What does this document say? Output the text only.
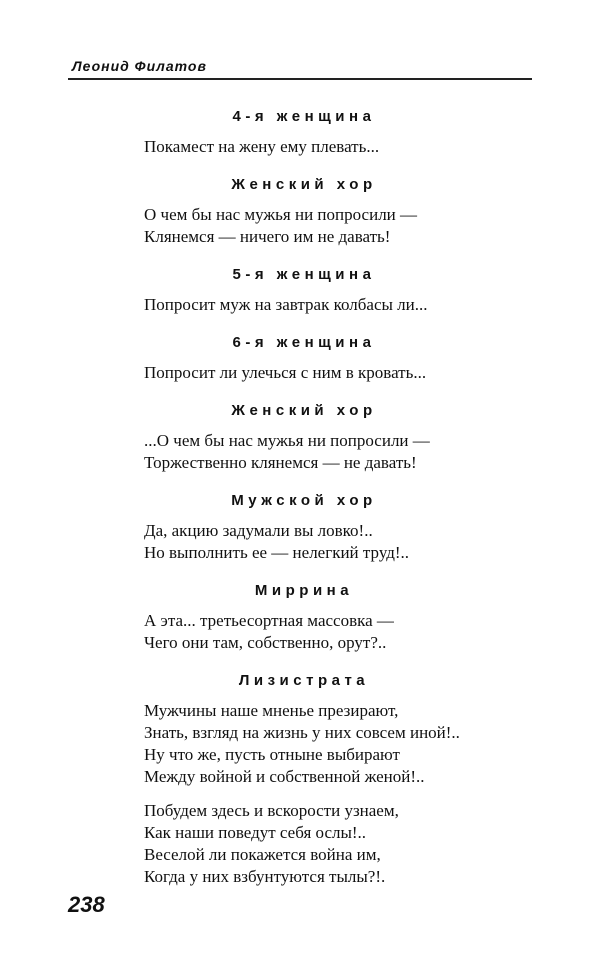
Леонид Филатов
4-я женщина
Покамест на жену ему плевать...
Женский хор
О чем бы нас мужья ни попросили —
Клянемся — ничего им не давать!
5-я женщина
Попросит муж на завтрак колбасы ли...
6-я женщина
Попросит ли улечься с ним в кровать...
Женский хор
...О чем бы нас мужья ни попросили —
Торжественно клянемся — не давать!
Мужской хор
Да, акцию задумали вы ловко!..
Но выполнить ее — нелегкий труд!..
Миррина
А эта... третьесортная массовка —
Чего они там, собственно, орут?..
Лизистрата
Мужчины наше мненье презирают,
Знать, взгляд на жизнь у них совсем иной!..
Ну что же, пусть отныне выбирают
Между войной и собственной женой!..
Побудем здесь и вскорости узнаем,
Как наши поведут себя ослы!..
Веселой ли покажется война им,
Когда у них взбунтуются тылы?!.
238
